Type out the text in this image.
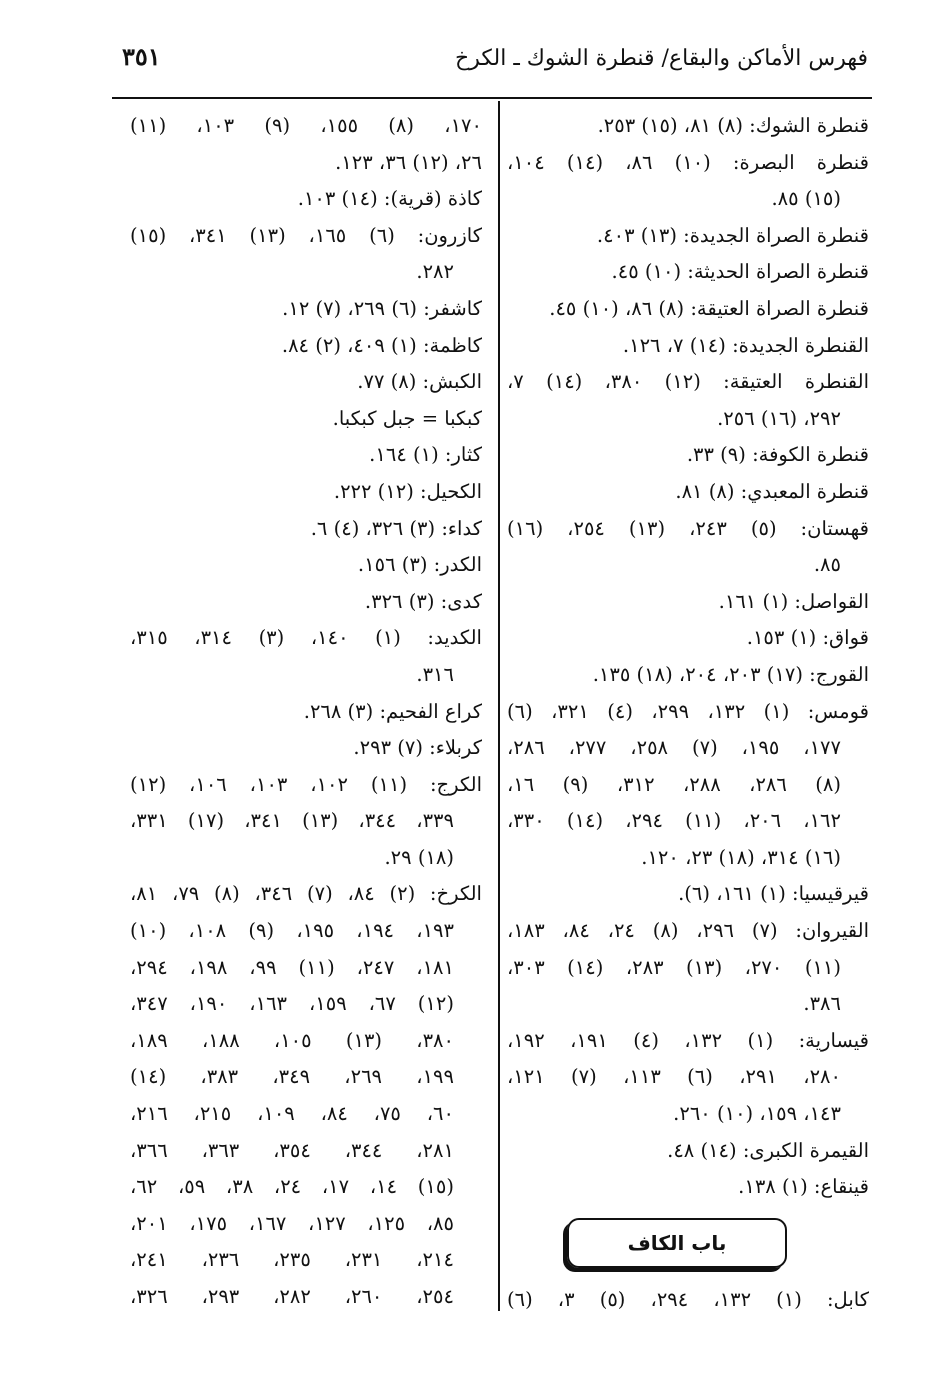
فهرس الأماكن والبقاع/ قنطرة الشوك ـ الكرخ
٣٥١
قنطرة الشوك: (٨) ٨١، (١٥) ٢٥٣.
قنطرة البصرة: (١٠) ٨٦، (١٤) ١٠٤،
(١٥) ٨٥.
قنطرة الصراة الجديدة: (١٣) ٤٠٣.
قنطرة الصراة الحديثة: (١٠) ٤٥.
قنطرة الصراة العتيقة: (٨) ٨٦، (١٠) ٤٥.
القنطرة الجديدة: (١٤) ٧، ١٢٦.
القنطرة العتيقة: (١٢) ٣٨٠، (١٤) ٧،
٢٩٢، (١٦) ٢٥٦.
قنطرة الكوفة: (٩) ٣٣.
قنطرة المعبدي: (٨) ٨١.
قهستان: (٥) ٢٤٣، (١٣) ٢٥٤، (١٦)
٨٥.
القواصل: (١) ١٦١.
قواق: (١) ١٥٣.
القورج: (١٧) ٢٠٣، ٢٠٤، (١٨) ١٣٥.
قومس: (١) ١٣٢، ٢٩٩، (٤) ٣٢١، (٦)
١٧٧، ١٩٥، (٧) ٢٥٨، ٢٧٧، ٢٨٦،
(٨) ٢٨٦، ٢٨٨، ٣١٢، (٩) ١٦،
١٦٢، ٢٠٦، (١١) ٢٩٤، (١٤) ٣٣٠،
(١٦) ٣١٤، (١٨) ٢٣، ١٢٠.
قيرقيسيا: (١) ١٦١، (٦).
القيروان: (٧) ٢٩٦، (٨) ٢٤، ٨٤، ١٨٣،
(١١) ٢٧٠، (١٣) ٢٨٣، (١٤) ٣٠٣،
٣٨٦.
قيسارية: (١) ١٣٢، (٤) ١٩١، ١٩٢،
٢٨٠، ٢٩١، (٦) ١١٣، (٧) ١٢١،
١٤٣، ١٥٩، (١٠) ٢٦٠.
القيمرة الكبرى: (١٤) ٤٨.
قينقاع: (١) ١٣٨.
باب الكاف
كابل: (١) ١٣٢، ٢٩٤، (٥) ٣، (٦)
١٧٠، (٨) ١٥٥، (٩) ١٠٣، (١١)
٢٦، (١٢) ٣٦، ١٢٣.
كاذة (قرية): (١٤) ١٠٣.
كازرون: (٦) ١٦٥، (١٣) ٣٤١، (١٥)
٢٨٢.
كاشفر: (٦) ٢٦٩، (٧) ١٢.
كاظمة: (١) ٤٠٩، (٢) ٨٤.
الكبش: (٨) ٧٧.
كبكبا = جبل كبكبا.
كثار: (١) ١٦٤.
الكحيل: (١٢) ٢٢٢.
كداء: (٣) ٣٢٦، (٤) ٦.
الكدر: (٣) ١٥٦.
كدى: (٣) ٣٢٦.
الكديد: (١) ١٤٠، (٣) ٣١٤، ٣١٥،
٣١٦.
كراع الفحيم: (٣) ٢٦٨.
كربلاء: (٧) ٢٩٣.
الكرج: (١١) ١٠٢، ١٠٣، ١٠٦، (١٢)
٣٣٩، ٣٤٤، (١٣) ٣٤١، (١٧) ٣٣١،
(١٨) ٢٩.
الكرخ: (٢) ٨٤، (٧) ٣٤٦، (٨) ٧٩، ٨١،
١٩٣، ١٩٤، ١٩٥، (٩) ١٠٨، (١٠)
١٨١، ٢٤٧، (١١) ٩٩، ١٩٨، ٢٩٤،
(١٢) ٦٧، ١٥٩، ١٦٣، ١٩٠، ٣٤٧،
٣٨٠، (١٣) ١٠٥، ١٨٨، ١٨٩،
١٩٩، ٢٦٩، ٣٤٩، ٣٨٣، (١٤)
٦٠، ٧٥، ٨٤، ١٠٩، ٢١٥، ٢١٦،
٢٨١، ٣٤٤، ٣٥٤، ٣٦٣، ٣٦٦،
(١٥) ١٤، ١٧، ٢٤، ٣٨، ٥٩، ٦٢،
٨٥، ١٢٥، ١٢٧، ١٦٧، ١٧٥، ٢٠١،
٢١٤، ٢٣١، ٢٣٥، ٢٣٦، ٢٤١،
٢٥٤، ٢٦٠، ٢٨٢، ٢٩٣، ٣٢٦،
